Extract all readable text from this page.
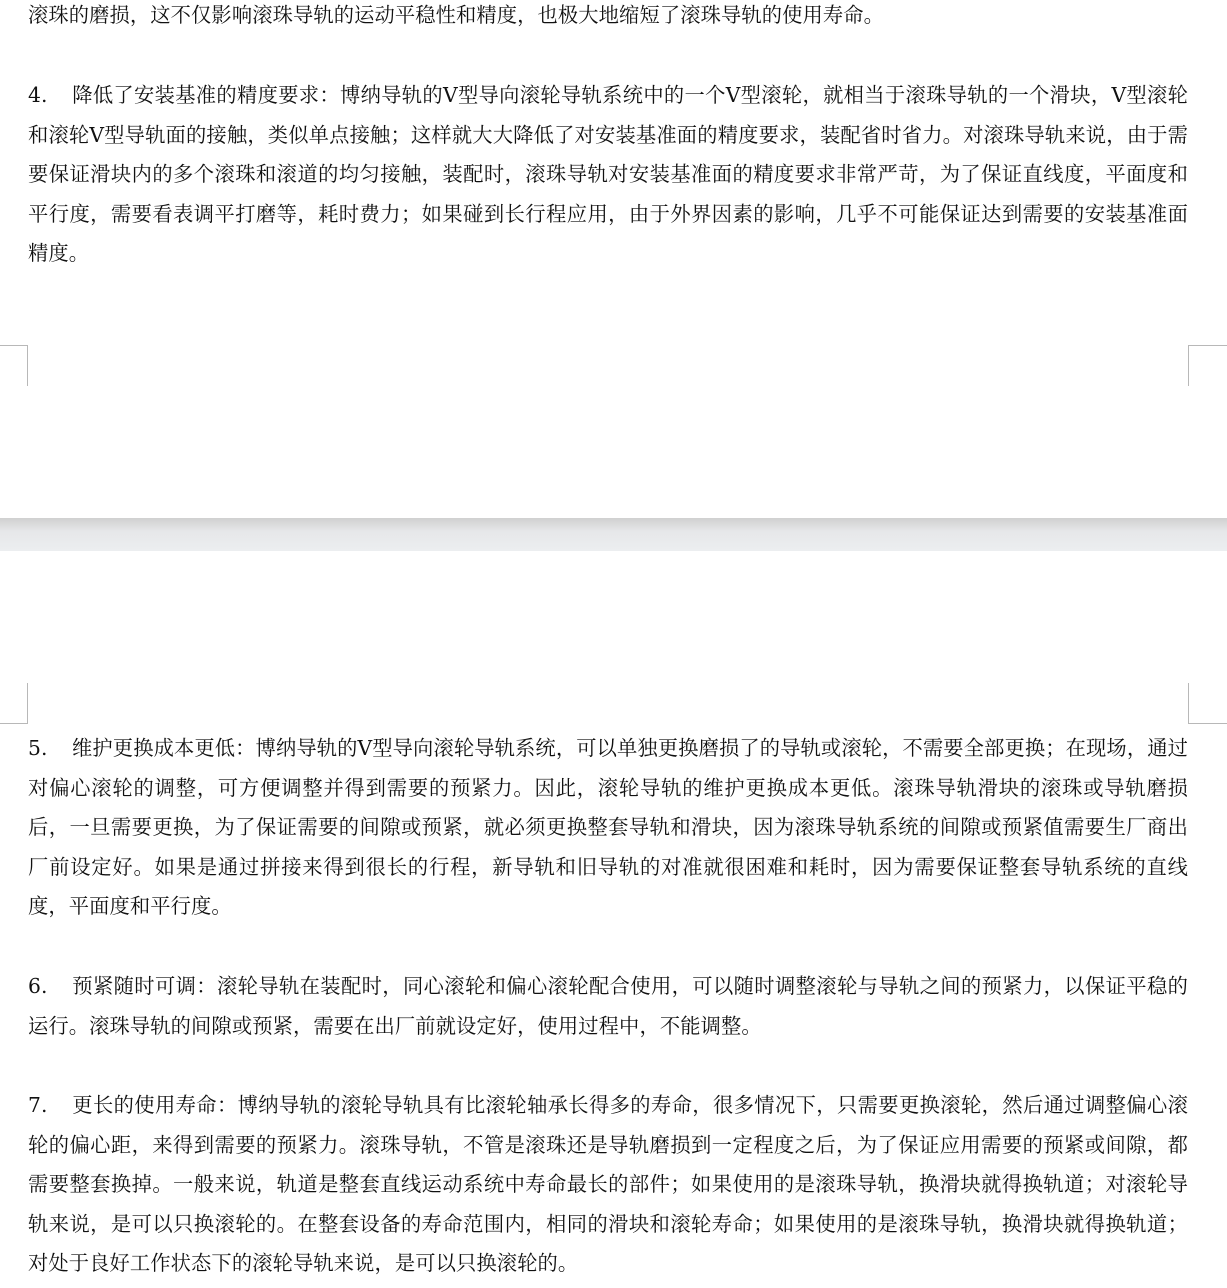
滚珠的磨损，这不仅影响滚珠导轨的运动平稳性和精度，也极大地缩短了滚珠导轨的使用寿命。

4. 降低了安装基准的精度要求：博纳导轨的V型导向滚轮导轨系统中的一个V型滚轮，就相当于滚珠导轨的一个滑块，V型滚轮和滚轮V型导轨面的接触，类似单点接触；这样就大大降低了对安装基准面的精度要求，装配省时省力。对滚珠导轨来说，由于需要保证滑块内的多个滚珠和滚道的均匀接触，装配时，滚珠导轨对安装基准面的精度要求非常严苛，为了保证直线度，平面度和平行度，需要看表调平打磨等，耗时费力；如果碰到长行程应用，由于外界因素的影响，几乎不可能保证达到需要的安装基准面精度。

5. 维护更换成本更低：博纳导轨的V型导向滚轮导轨系统，可以单独更换磨损了的导轨或滚轮，不需要全部更换；在现场，通过对偏心滚轮的调整，可方便调整并得到需要的预紧力。因此，滚轮导轨的维护更换成本更低。滚珠导轨滑块的滚珠或导轨磨损后，一旦需要更换，为了保证需要的间隙或预紧，就必须更换整套导轨和滑块，因为滚珠导轨系统的间隙或预紧值需要生厂商出厂前设定好。如果是通过拼接来得到很长的行程，新导轨和旧导轨的对准就很困难和耗时，因为需要保证整套导轨系统的直线度，平面度和平行度。

6. 预紧随时可调：滚轮导轨在装配时，同心滚轮和偏心滚轮配合使用，可以随时调整滚轮与导轨之间的预紧力，以保证平稳的运行。滚珠导轨的间隙或预紧，需要在出厂前就设定好，使用过程中，不能调整。

7. 更长的使用寿命：博纳导轨的滚轮导轨具有比滚轮轴承长得多的寿命，很多情况下，只需要更换滚轮，然后通过调整偏心滚轮的偏心距，来得到需要的预紧力。滚珠导轨，不管是滚珠还是导轨磨损到一定程度之后，为了保证应用需要的预紧或间隙，都需要整套换掉。一般来说，轨道是整套直线运动系统中寿命最长的部件；如果使用的是滚珠导轨，换滑块就得换轨道；对滚轮导轨来说，是可以只换滚轮的。在整套设备的寿命范围内，相同的滑块和滚轮寿命；如果使用的是滚珠导轨，换滑块就得换轨道；对处于良好工作状态下的滚轮导轨来说，是可以只换滚轮的。
